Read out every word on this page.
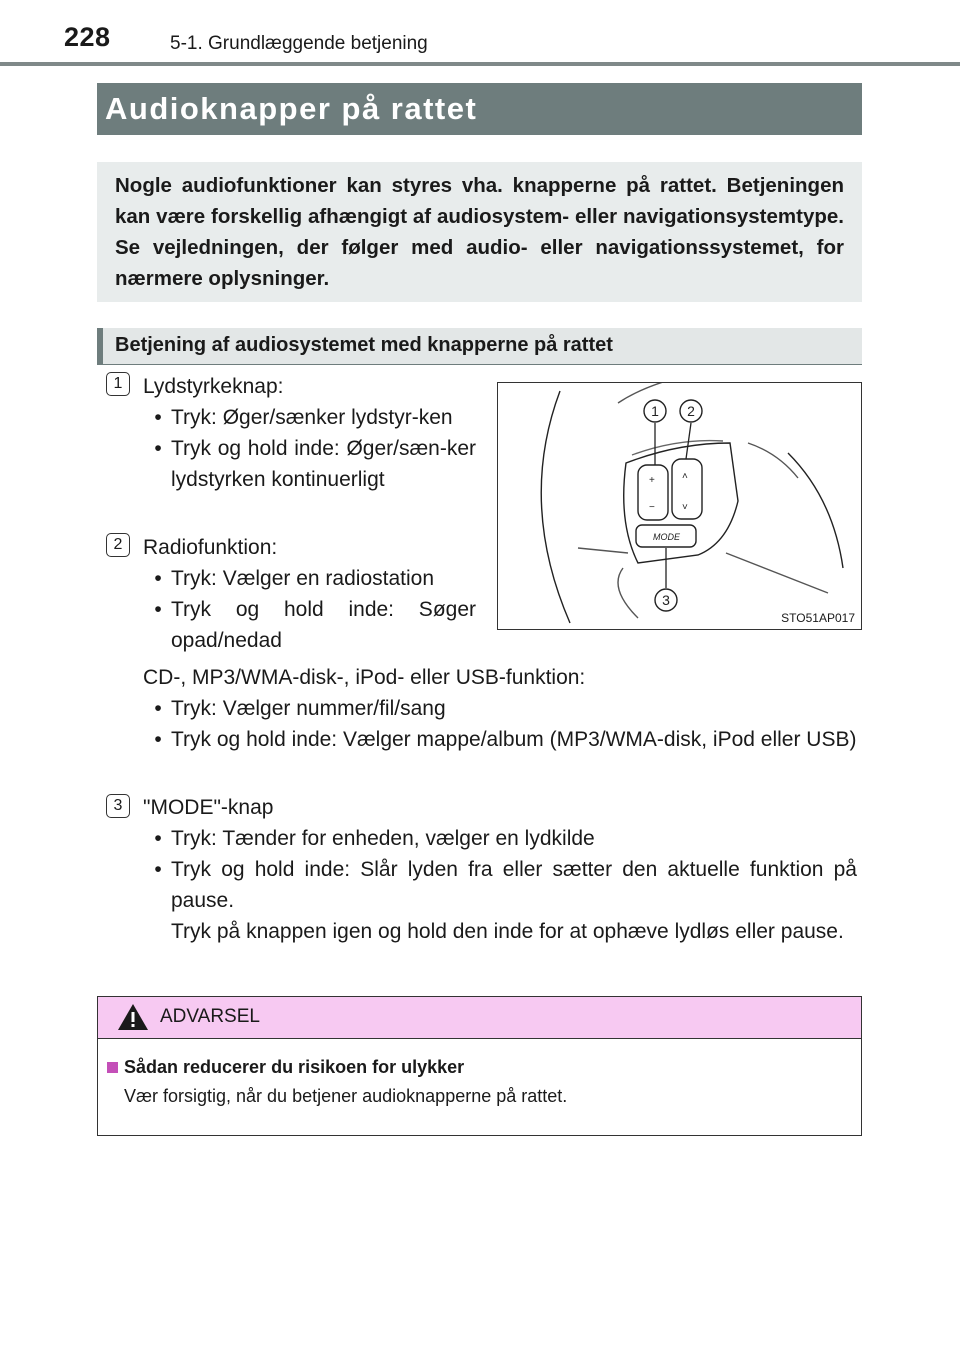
228	5-1. Grundlæggende betjening
Audioknapper på rattet
Nogle audiofunktioner kan styres vha. knapperne på rattet. Betjeningen kan være forskellig afhængigt af audiosystem- eller navigationsystemtype. Se vejledningen, der følger med audio- eller navigationssystemet, for nærmere oplysninger.
Betjening af audiosystemet med knapperne på rattet
1 Lydstyrkeknap:
• Tryk: Øger/sænker lydstyr-ken
• Tryk og hold inde: Øger/sæn-ker lydstyrken kontinuerligt
2 Radiofunktion:
• Tryk: Vælger en radiostation
• Tryk og hold inde: Søger opad/nedad
CD-, MP3/WMA-disk-, iPod- eller USB-funktion:
• Tryk: Vælger nummer/fil/sang
• Tryk og hold inde: Vælger mappe/album (MP3/WMA-disk, iPod eller USB)
3 "MODE"-knap
• Tryk: Tænder for enheden, vælger en lydkilde
• Tryk og hold inde: Slår lyden fra eller sætter den aktuelle funktion på pause.
Tryk på knappen igen og hold den inde for at ophæve lydløs eller pause.
+
−
˄
˅
MODE
1 2
3
STO51AP017
ADVARSEL
Sådan reducerer du risikoen for ulykker
Vær forsigtig, når du betjener audioknapperne på rattet.
